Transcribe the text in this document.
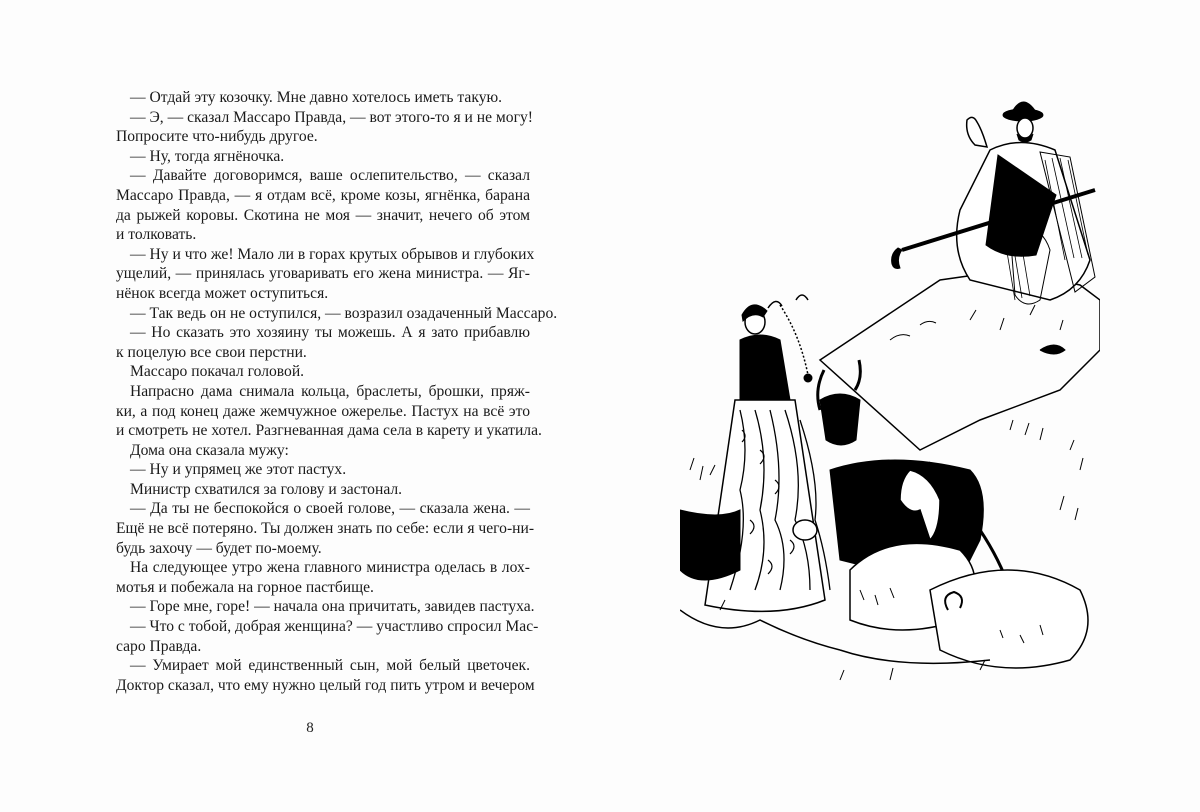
— Отдай эту козочку. Мне давно хотелось иметь такую.
— Э, — сказал Массаро Правда, — вот этого-то я и не могу!
Попросите что-нибудь другое.
— Ну, тогда ягнёночка.
— Давайте договоримся, ваше ослепительство, — сказал
Массаро Правда, — я отдам всё, кроме козы, ягнёнка, барана
да рыжей коровы. Скотина не моя — значит, нечего об этом
и толковать.
— Ну и что же! Мало ли в горах крутых обрывов и глубоких
ущелий, — принялась уговаривать его жена министра. — Яг-
нёнок всегда может оступиться.
— Так ведь он не оступился, — возразил озадаченный Массаро.
— Но сказать это хозяину ты можешь. А я зато прибавлю
к поцелую все свои перстни.
Массаро покачал головой.
Напрасно дама снимала кольца, браслеты, брошки, пряж-
ки, а под конец даже жемчужное ожерелье. Пастух на всё это
и смотреть не хотел. Разгневанная дама села в карету и укатила.
Дома она сказала мужу:
— Ну и упрямец же этот пастух.
Министр схватился за голову и застонал.
— Да ты не беспокойся о своей голове, — сказала жена. —
Ещё не всё потеряно. Ты должен знать по себе: если я чего-ни-
будь захочу — будет по-моему.
На следующее утро жена главного министра оделась в лох-
мотья и побежала на горное пастбище.
— Горе мне, горе! — начала она причитать, завидев пастуха.
— Что с тобой, добрая женщина? — участливо спросил Мас-
саро Правда.
— Умирает мой единственный сын, мой белый цветочек.
Доктор сказал, что ему нужно целый год пить утром и вечером
8
